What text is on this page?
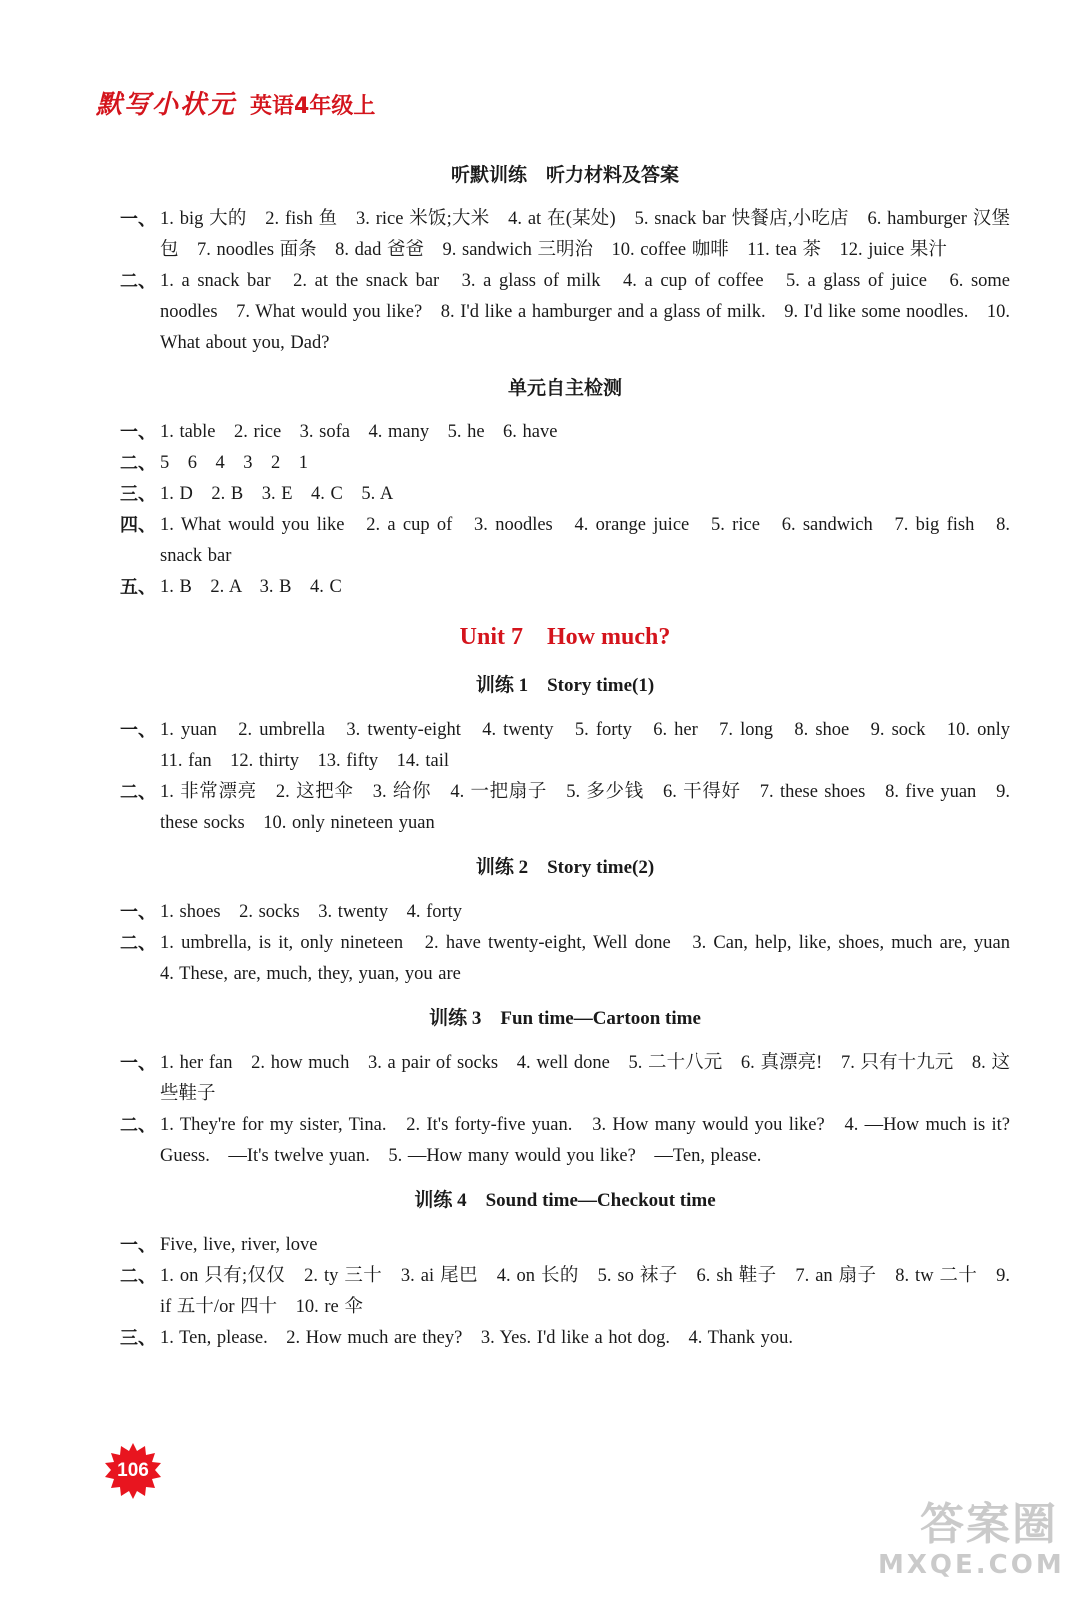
默写小状元 英语4年级上

听默训练　听力材料及答案

一、 1. big 大的　2. fish 鱼　3. rice 米饭;大米　4. at 在(某处)　5. snack bar 快餐店,小吃店　6. hamburger 汉堡包　7. noodles 面条　8. dad 爸爸　9. sandwich 三明治　10. coffee 咖啡　11. tea 茶　12. juice 果汁
二、 1. a snack bar　2. at the snack bar　3. a glass of milk　4. a cup of coffee　5. a glass of juice　6. some noodles　7. What would you like?　8. I'd like a hamburger and a glass of milk.　9. I'd like some noodles.　10. What about you, Dad?

单元自主检测

一、 1. table　2. rice　3. sofa　4. many　5. he　6. have
二、 5　6　4　3　2　1
三、 1. D　2. B　3. E　4. C　5. A
四、 1. What would you like　2. a cup of　3. noodles　4. orange juice　5. rice　6. sandwich　7. big fish　8. snack bar
五、 1. B　2. A　3. B　4. C

Unit 7　How much?

训练 1　Story time(1)

一、 1. yuan　2. umbrella　3. twenty-eight　4. twenty　5. forty　6. her　7. long　8. shoe　9. sock　10. only　11. fan　12. thirty　13. fifty　14. tail
二、 1. 非常漂亮　2. 这把伞　3. 给你　4. 一把扇子　5. 多少钱　6. 干得好　7. these shoes　8. five yuan　9. these socks　10. only nineteen yuan

训练 2　Story time(2)

一、 1. shoes　2. socks　3. twenty　4. forty
二、 1. umbrella, is it, only nineteen　2. have twenty-eight, Well done　3. Can, help, like, shoes, much are, yuan　4. These, are, much, they, yuan, you are

训练 3　Fun time—Cartoon time

一、 1. her fan　2. how much　3. a pair of socks　4. well done　5. 二十八元　6. 真漂亮!　7. 只有十九元　8. 这些鞋子
二、 1. They're for my sister, Tina.　2. It's forty-five yuan.　3. How many would you like?　4. —How much is it? Guess.　—It's twelve yuan.　5. —How many would you like?　—Ten, please.

训练 4　Sound time—Checkout time

一、 Five, live, river, love
二、 1. on 只有;仅仅　2. ty 三十　3. ai 尾巴　4. on 长的　5. so 袜子　6. sh 鞋子　7. an 扇子　8. tw 二十　9. if 五十/or 四十　10. re 伞
三、 1. Ten, please.　2. How much are they?　3. Yes. I'd like a hot dog.　4. Thank you.
106
答案圈
MXQE.COM
